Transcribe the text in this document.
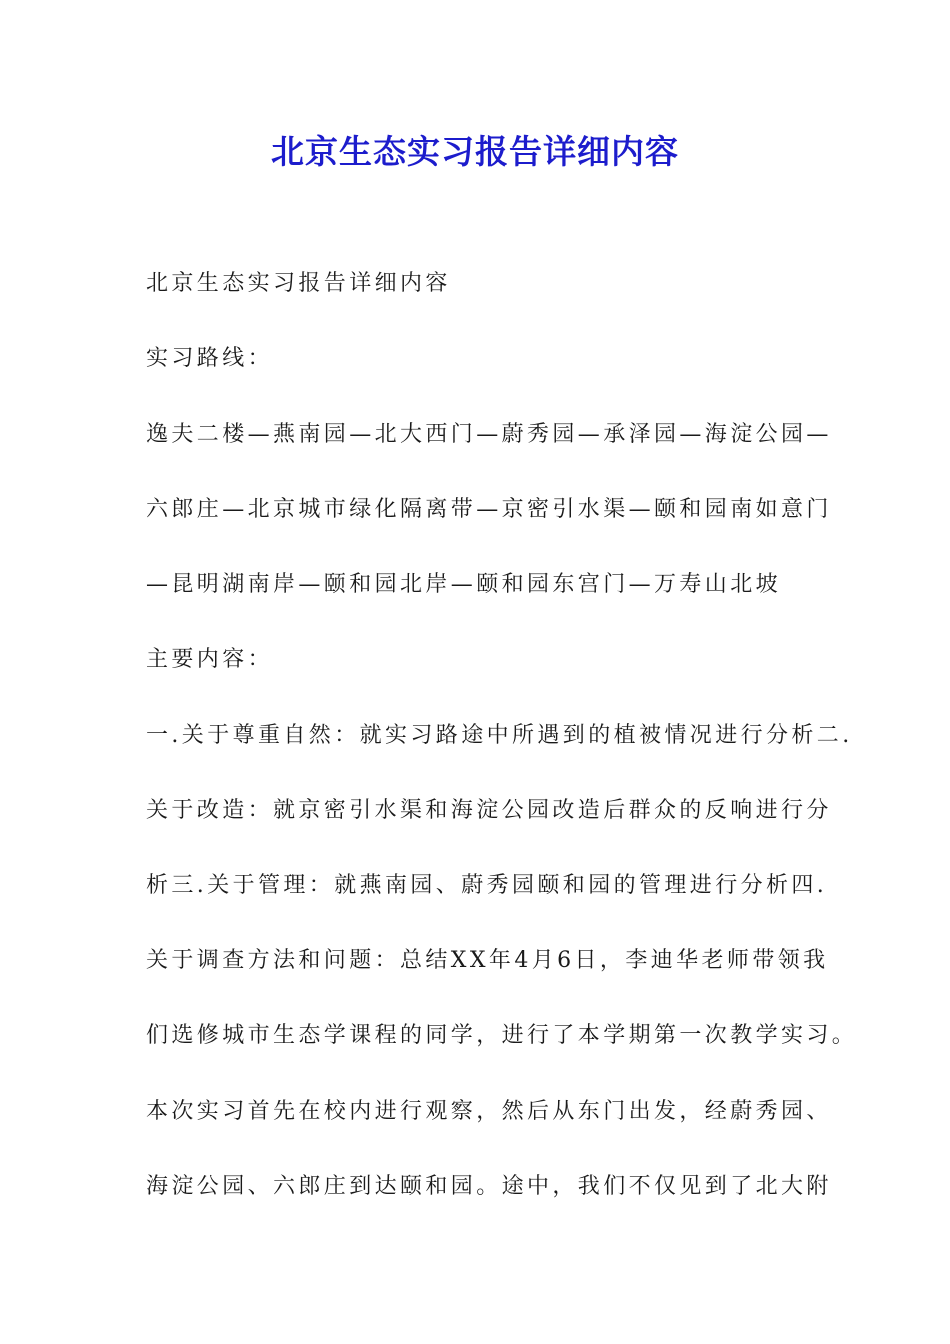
北京生态实习报告详细内容
北京生态实习报告详细内容
实习路线：
逸夫二楼—燕南园—北大西门—蔚秀园—承泽园—海淀公园—
六郎庄—北京城市绿化隔离带—京密引水渠—颐和园南如意门
—昆明湖南岸—颐和园北岸—颐和园东宫门—万寿山北坡
主要内容：
一.关于尊重自然：就实习路途中所遇到的植被情况进行分析二.
关于改造：就京密引水渠和海淀公园改造后群众的反响进行分
析三.关于管理：就燕南园、蔚秀园颐和园的管理进行分析四.
关于调查方法和问题：总结XX年4月6日，李迪华老师带领我
们选修城市生态学课程的同学，进行了本学期第一次教学实习。
本次实习首先在校内进行观察，然后从东门出发，经蔚秀园、
海淀公园、六郎庄到达颐和园。途中，我们不仅见到了北大附
